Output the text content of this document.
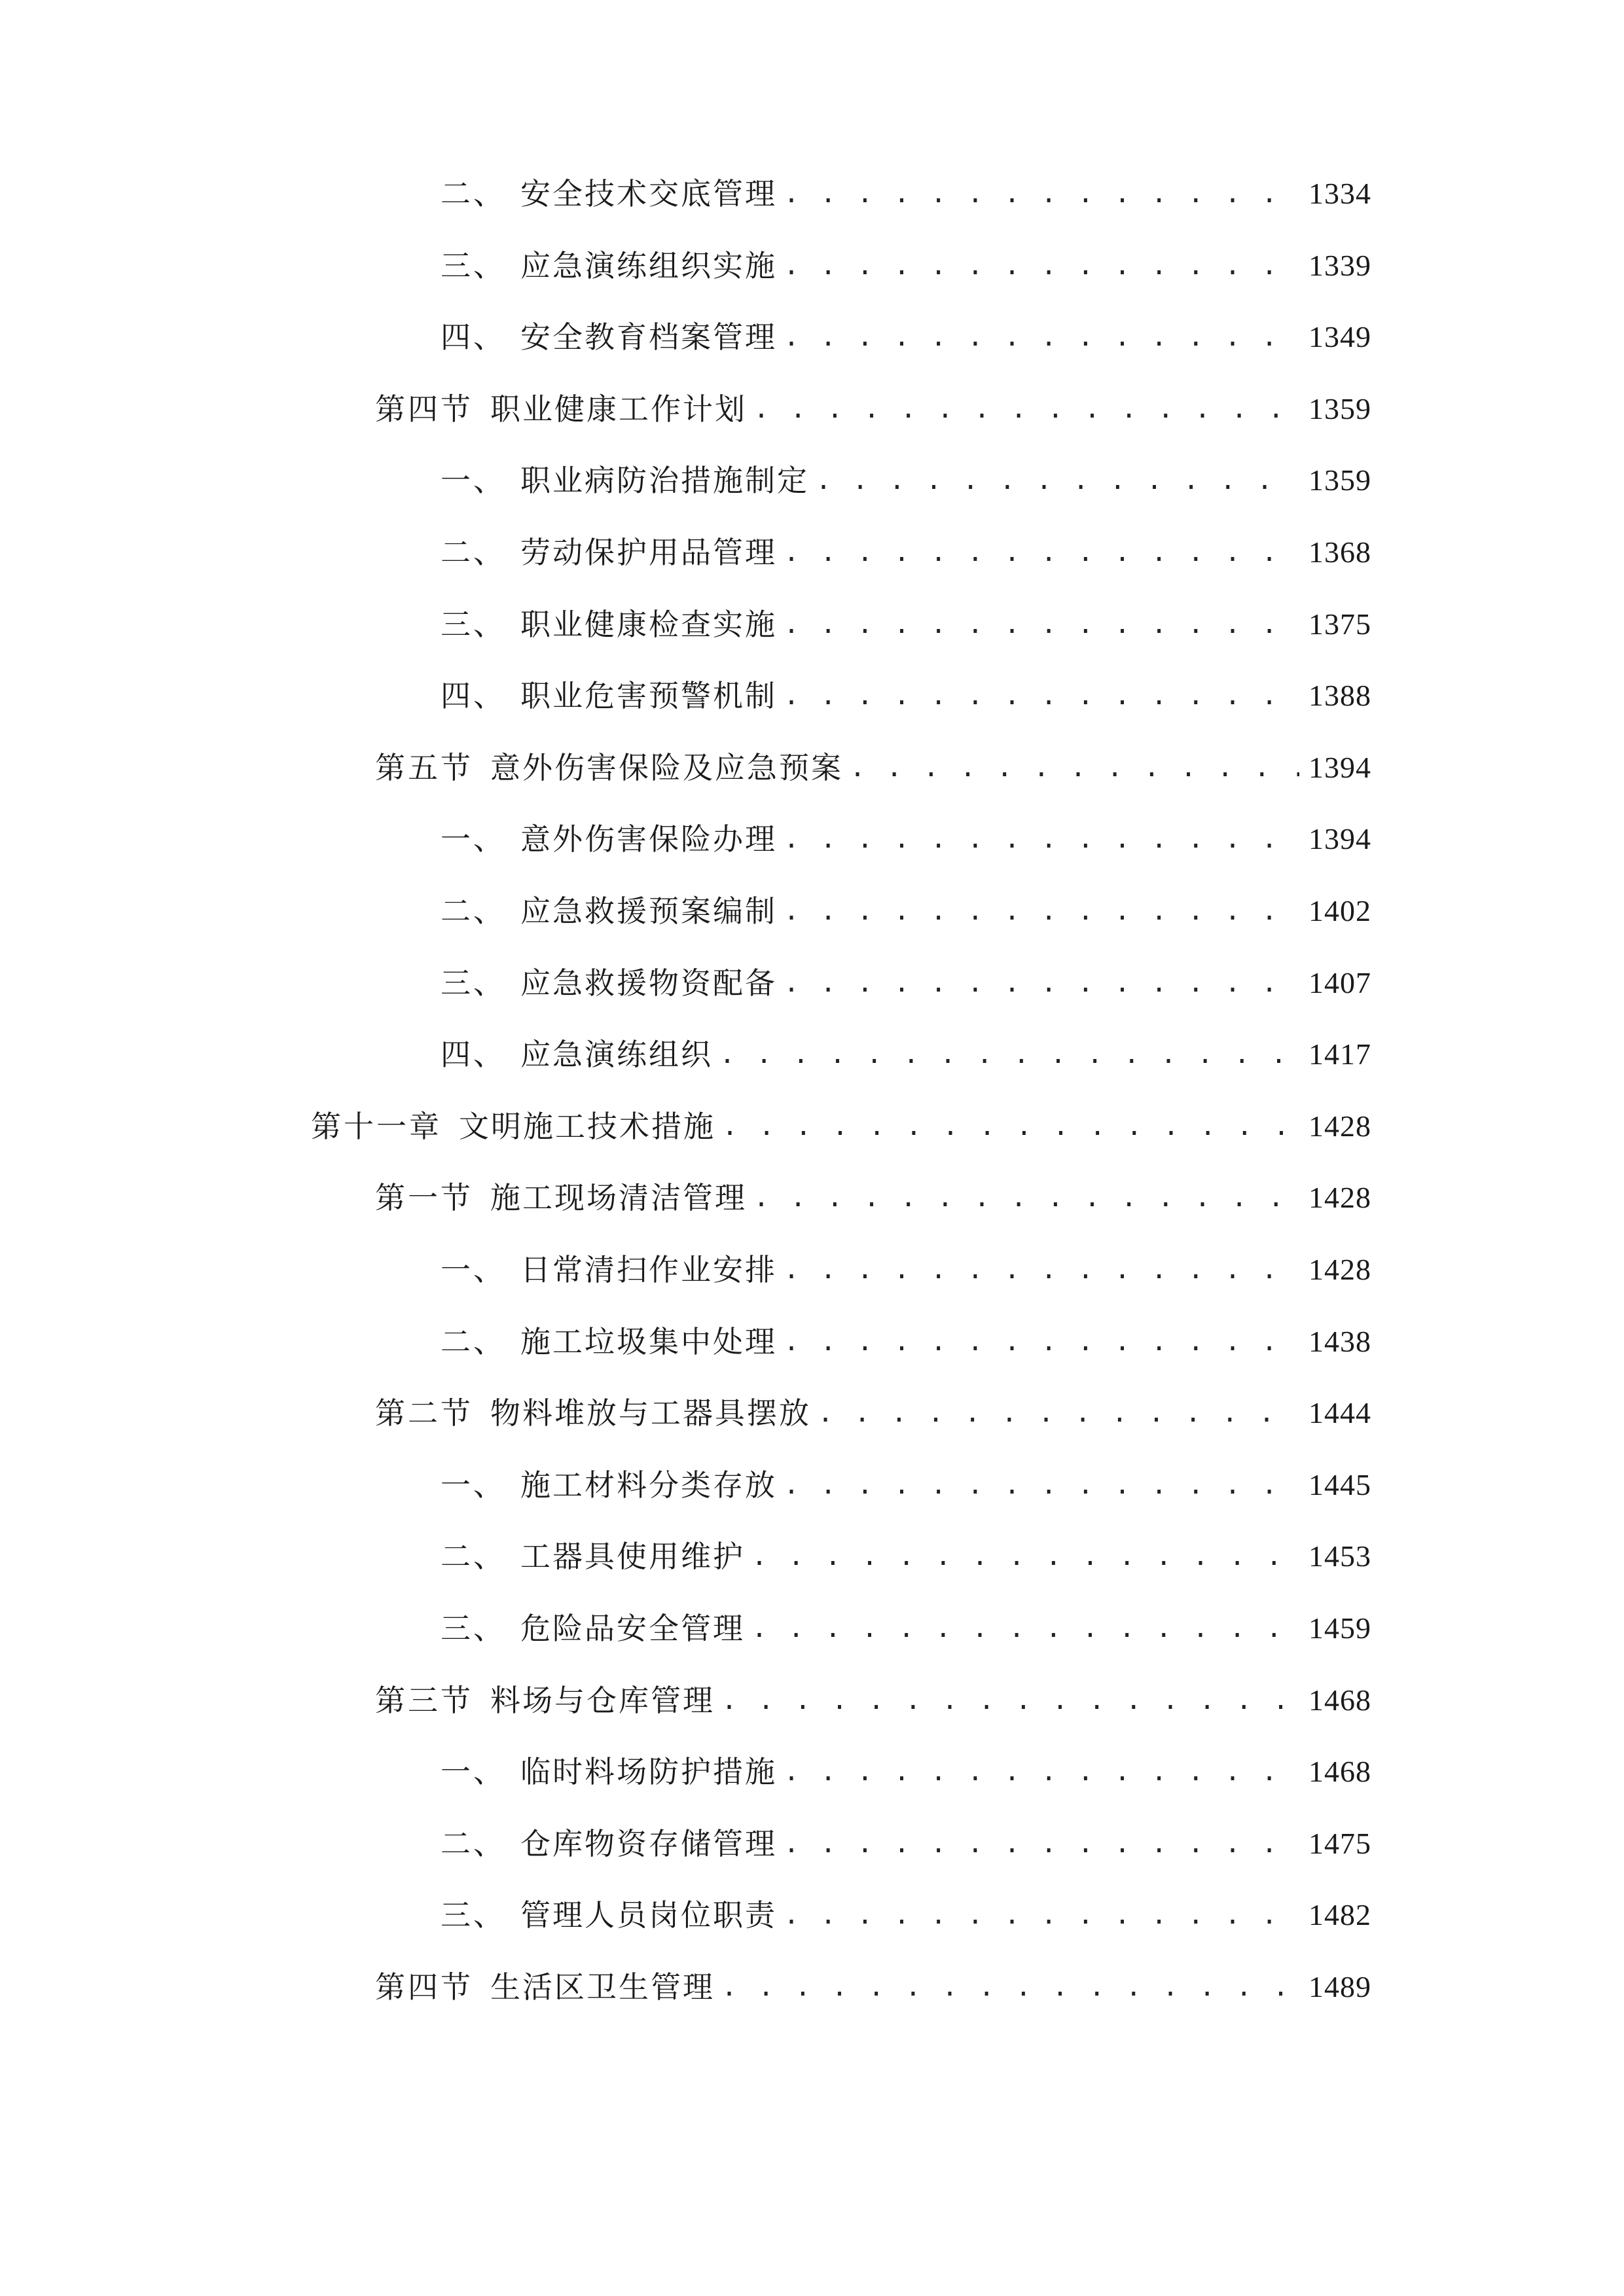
二、 安全技术交底管理 . . .	1334
三、 应急演练组织实施 . . .	1339
四、 安全教育档案管理 . . .	1349
第四节 职业健康工作计划 . . .	1359
一、 职业病防治措施制定 . . .	1359
二、 劳动保护用品管理 . . .	1368
三、 职业健康检查实施 . . .	1375
四、 职业危害预警机制 . . .	1388
第五节 意外伤害保险及应急预案 . . .	1394
一、 意外伤害保险办理 . . .	1394
二、 应急救援预案编制 . . .	1402
三、 应急救援物资配备 . . .	1407
四、 应急演练组织 . . .	1417
第十一章 文明施工技术措施 . . .	1428
第一节 施工现场清洁管理 . . .	1428
一、 日常清扫作业安排 . . .	1428
二、 施工垃圾集中处理 . . .	1438
第二节 物料堆放与工器具摆放 . . .	1444
一、 施工材料分类存放 . . .	1445
二、 工器具使用维护 . . .	1453
三、 危险品安全管理 . . .	1459
第三节 料场与仓库管理 . . .	1468
一、 临时料场防护措施 . . .	1468
二、 仓库物资存储管理 . . .	1475
三、 管理人员岗位职责 . . .	1482
第四节 生活区卫生管理 . . .	1489
